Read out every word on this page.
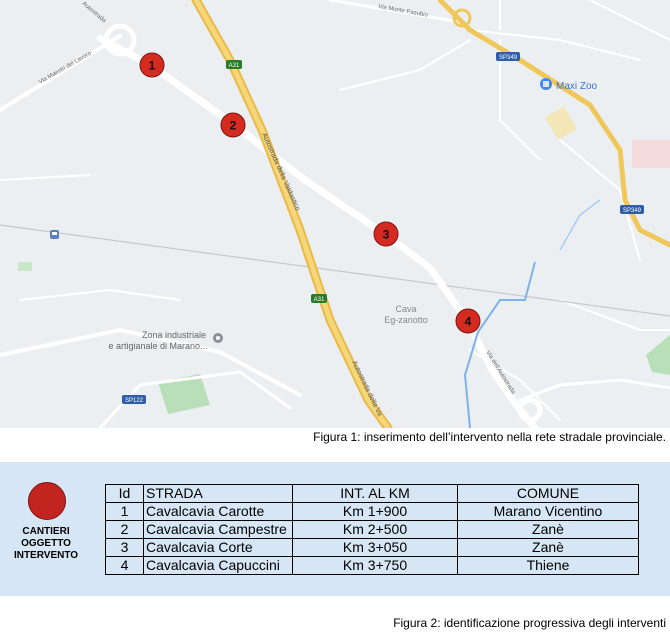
A31
A31
SP349
SP349
SP122
Autostrada
Via Maestri del Lavoro
Via Monte Pasubio
Autostrada della Valdastico
Autostrada della Va	Via dell'Autostrada
Maxi Zoo
Cava
Eg-zanotto
Zona industriale
e artigianale di Marano...
1
2
3
4
Figura 1: inserimento dell’intervento nella rete stradale provinciale.
CANTIERI
OGGETTO
INTERVENTO
Id	STRADA	INT. AL KM	COMUNE
1	Cavalcavia Carotte	Km 1+900	Marano Vicentino
2	Cavalcavia Campestre	Km 2+500	Zanè
3	Cavalcavia Corte	Km 3+050	Zanè
4	Cavalcavia Capuccini	Km 3+750	Thiene
Figura 2: identificazione progressiva degli interventi
